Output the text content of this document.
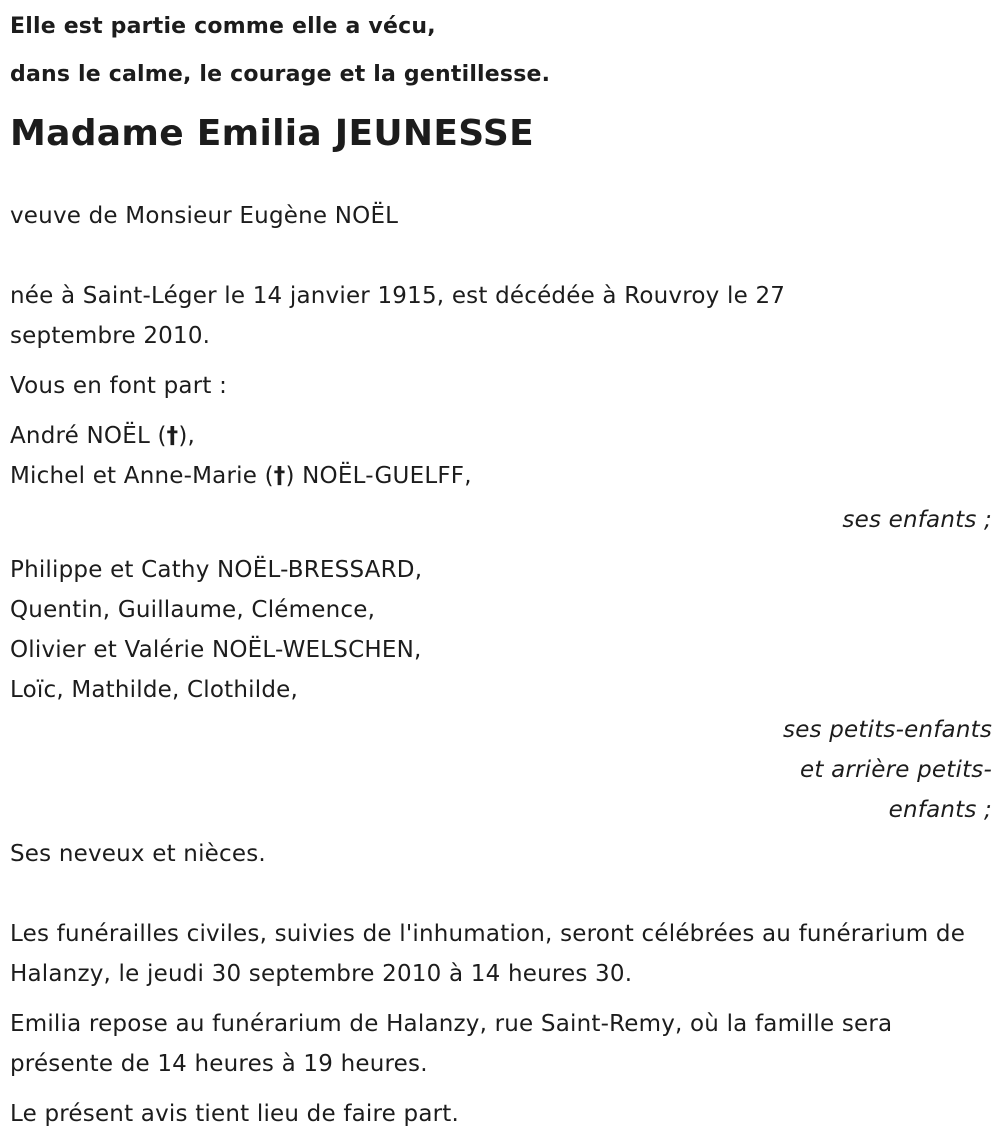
Elle est partie comme elle a vécu,
dans le calme, le courage et la gentillesse.
Madame Emilia JEUNESSE
veuve de Monsieur Eugène NOËL
née à Saint-Léger le 14 janvier 1915, est décédée à Rouvroy le 27 septembre 2010.
Vous en font part :
André NOËL (†),
Michel et Anne-Marie (†) NOËL-GUELFF,
ses enfants ;
Philippe et Cathy NOËL-BRESSARD,
Quentin, Guillaume, Clémence,
Olivier et Valérie NOËL-WELSCHEN,
Loïc, Mathilde, Clothilde,
ses petits-enfants
et arrière petits-
enfants ;
Ses neveux et nièces.
Les funérailles civiles, suivies de l'inhumation, seront célébrées au funérarium de Halanzy, le jeudi 30 septembre 2010 à 14 heures 30.
Emilia repose au funérarium de Halanzy, rue Saint-Remy, où la famille sera présente de 14 heures à 19 heures.
Le présent avis tient lieu de faire part.
